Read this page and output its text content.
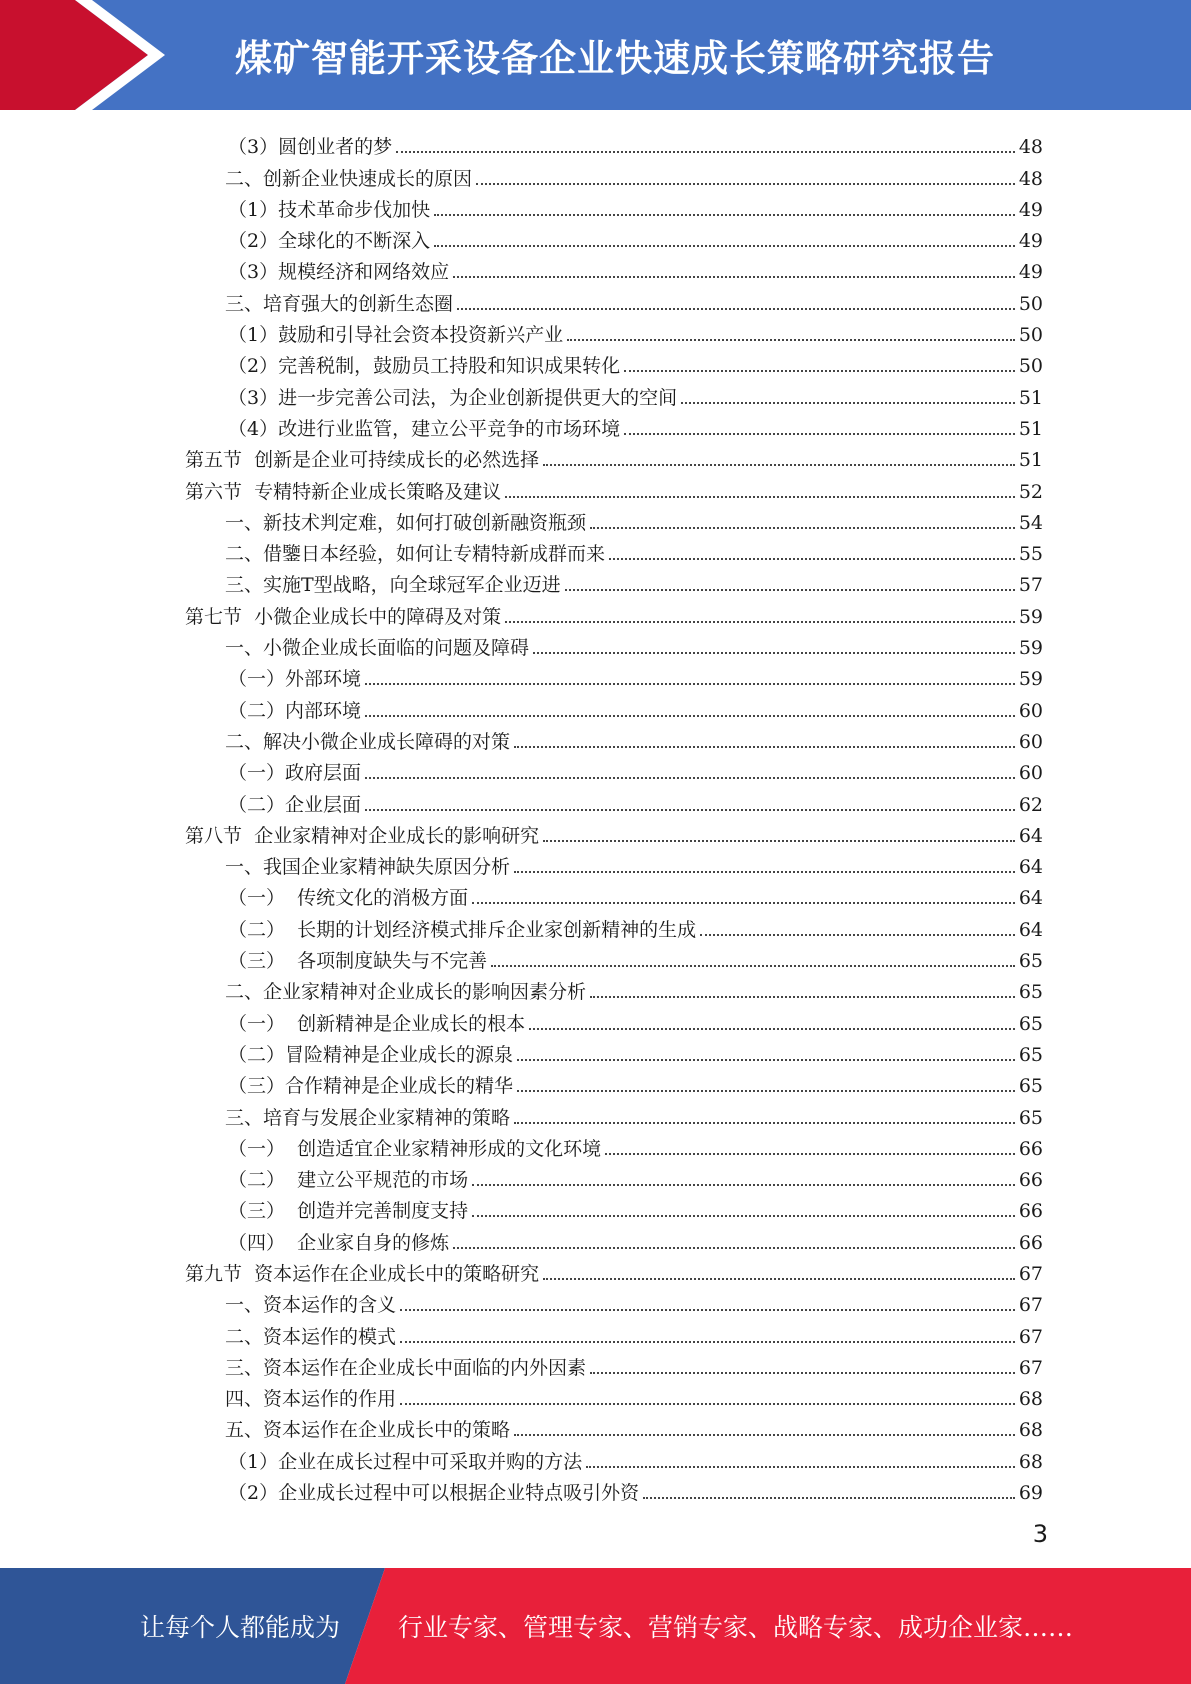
煤矿智能开采设备企业快速成长策略研究报告
（3）圆创业者的梦	48
二、创新企业快速成长的原因	48
（1）技术革命步伐加快	49
（2）全球化的不断深入	49
（3）规模经济和网络效应	49
三、培育强大的创新生态圈	50
（1）鼓励和引导社会资本投资新兴产业	50
（2）完善税制，鼓励员工持股和知识成果转化	50
（3）进一步完善公司法，为企业创新提供更大的空间	51
（4）改进行业监管，建立公平竞争的市场环境	51
第五节  创新是企业可持续成长的必然选择	51
第六节  专精特新企业成长策略及建议	52
一、新技术判定难，如何打破创新融资瓶颈	54
二、借鑒日本经验，如何让专精特新成群而来	55
三、实施T型战略，向全球冠军企业迈进	57
第七节  小微企业成长中的障碍及对策	59
一、小微企业成长面临的问题及障碍	59
（一）外部环境	59
（二）内部环境	60
二、解决小微企业成长障碍的对策	60
（一）政府层面	60
（二）企业层面	62
第八节  企业家精神对企业成长的影响研究	64
一、我国企业家精神缺失原因分析	64
（一）  传统文化的消极方面	64
（二）  长期的计划经济模式排斥企业家创新精神的生成	64
（三）  各项制度缺失与不完善	65
二、企业家精神对企业成长的影响因素分析	65
（一）  创新精神是企业成长的根本	65
（二）冒险精神是企业成长的源泉	65
（三）合作精神是企业成长的精华	65
三、培育与发展企业家精神的策略	65
（一）  创造适宜企业家精神形成的文化环境	66
（二）  建立公平规范的市场	66
（三）  创造并完善制度支持	66
（四）  企业家自身的修炼	66
第九节  资本运作在企业成长中的策略研究	67
一、资本运作的含义	67
二、资本运作的模式	67
三、资本运作在企业成长中面临的内外因素	67
四、资本运作的作用	68
五、资本运作在企业成长中的策略	68
（1）企业在成长过程中可采取并购的方法	68
（2）企业成长过程中可以根据企业特点吸引外资	69
3
让每个人都能成为 行业专家、管理专家、营销专家、战略专家、成功企业家……
